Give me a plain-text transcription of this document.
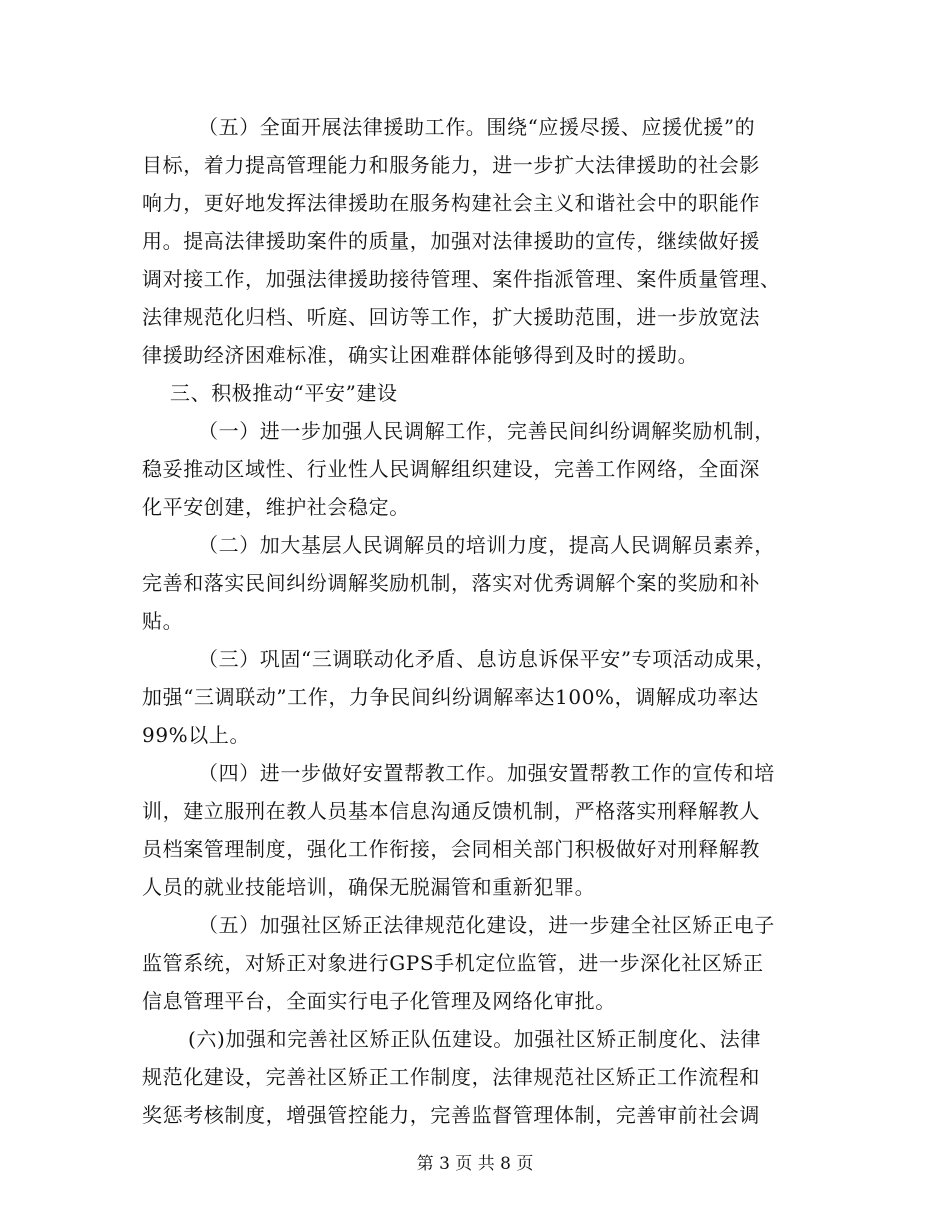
（五）全面开展法律援助工作。围绕“应援尽援、应援优援”的
目标，着力提高管理能力和服务能力，进一步扩大法律援助的社会影
响力，更好地发挥法律援助在服务构建社会主义和谐社会中的职能作
用。提高法律援助案件的质量，加强对法律援助的宣传，继续做好援
调对接工作，加强法律援助接待管理、案件指派管理、案件质量管理、
法律规范化归档、听庭、回访等工作，扩大援助范围，进一步放宽法
律援助经济困难标准，确实让困难群体能够得到及时的援助。
三、积极推动“平安”建设
（一）进一步加强人民调解工作，完善民间纠纷调解奖励机制，
稳妥推动区域性、行业性人民调解组织建设，完善工作网络，全面深
化平安创建，维护社会稳定。
（二）加大基层人民调解员的培训力度，提高人民调解员素养，
完善和落实民间纠纷调解奖励机制，落实对优秀调解个案的奖励和补
贴。
（三）巩固“三调联动化矛盾、息访息诉保平安”专项活动成果，
加强“三调联动”工作，力争民间纠纷调解率达100%，调解成功率达
99%以上。
（四）进一步做好安置帮教工作。加强安置帮教工作的宣传和培
训，建立服刑在教人员基本信息沟通反馈机制，严格落实刑释解教人
员档案管理制度，强化工作衔接，会同相关部门积极做好对刑释解教
人员的就业技能培训，确保无脱漏管和重新犯罪。
（五）加强社区矫正法律规范化建设，进一步建全社区矫正电子
监管系统，对矫正对象进行GPS手机定位监管，进一步深化社区矫正
信息管理平台，全面实行电子化管理及网络化审批。
(六)加强和完善社区矫正队伍建设。加强社区矫正制度化、法律
规范化建设，完善社区矫正工作制度，法律规范社区矫正工作流程和
奖惩考核制度，增强管控能力，完善监督管理体制，完善审前社会调
第 3 页 共 8 页
